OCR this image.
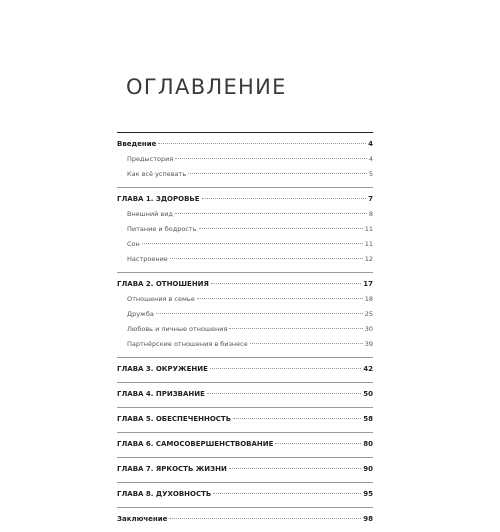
ОГЛАВЛЕНИЕ
Введение	4
Предыстория	4
Как всё успевать	5
ГЛАВА 1. ЗДОРОВЬЕ	7
Внешний вид	8
Питание и бодрость	11
Сон	11
Настроение	12
ГЛАВА 2. ОТНОШЕНИЯ	17
Отношения в семье	18
Дружба	25
Любовь и личные отношения	30
Партнёрские отношения в бизнесе	39
ГЛАВА 3. ОКРУЖЕНИЕ	42
ГЛАВА 4. ПРИЗВАНИЕ	50
ГЛАВА 5. ОБЕСПЕЧЕННОСТЬ	58
ГЛАВА 6. САМОСОВЕРШЕНСТВОВАНИЕ	80
ГЛАВА 7. ЯРКОСТЬ ЖИЗНИ	90
ГЛАВА 8. ДУХОВНОСТЬ	95
Заключение	98
